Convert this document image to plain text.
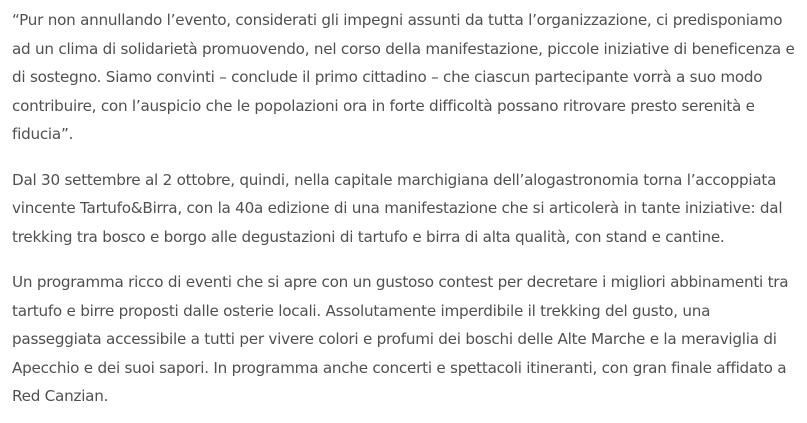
“Pur non annullando l’evento, considerati gli impegni assunti da tutta l’organizzazione, ci predisponiamo ad un clima di solidarietà promuovendo, nel corso della manifestazione, piccole iniziative di beneficenza e di sostegno. Siamo convinti – conclude il primo cittadino – che ciascun partecipante vorrà a suo modo contribuire, con l’auspicio che le popolazioni ora in forte difficoltà possano ritrovare presto serenità e fiducia”.

Dal 30 settembre al 2 ottobre, quindi, nella capitale marchigiana dell’alogastronomia torna l’accoppiata vincente Tartufo&Birra, con la 40a edizione di una manifestazione che si articolerà in tante iniziative: dal trekking tra bosco e borgo alle degustazioni di tartufo e birra di alta qualità, con stand e cantine.

Un programma ricco di eventi che si apre con un gustoso contest per decretare i migliori abbinamenti tra tartufo e birre proposti dalle osterie locali. Assolutamente imperdibile il trekking del gusto, una passeggiata accessibile a tutti per vivere colori e profumi dei boschi delle Alte Marche e la meraviglia di Apecchio e dei suoi sapori. In programma anche concerti e spettacoli itineranti, con gran finale affidato a Red Canzian.
